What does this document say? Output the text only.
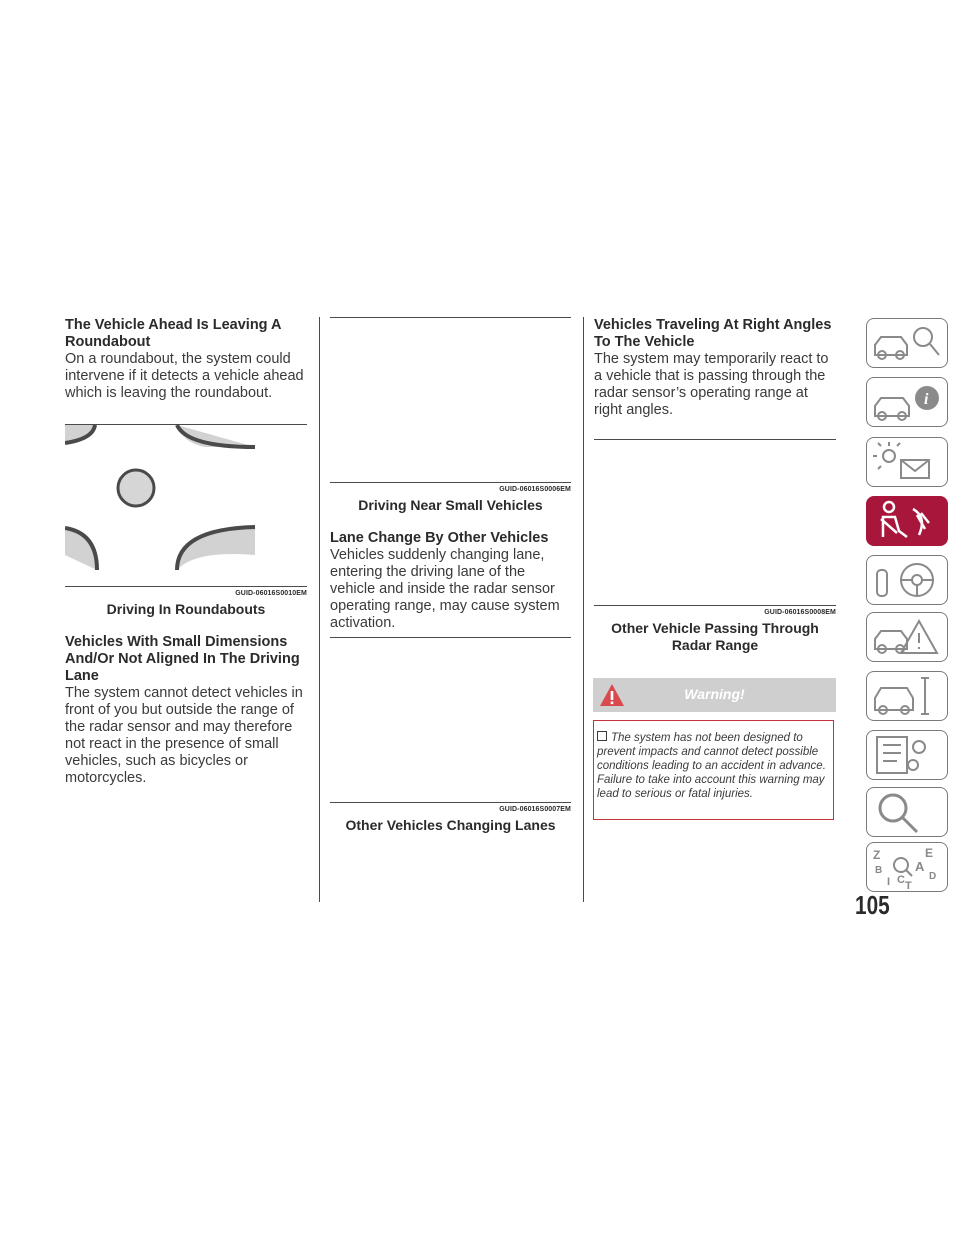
The Vehicle Ahead Is Leaving A Roundabout
On a roundabout, the system could intervene if it detects a vehicle ahead which is leaving the roundabout.
GUID-06016S0010EM
Driving In Roundabouts
Vehicles With Small Dimensions And/Or Not Aligned In The Driving Lane
The system cannot detect vehicles in front of you but outside the range of the radar sensor and may therefore not react in the presence of small vehicles, such as bicycles or motorcycles.
GUID-06016S0006EM
Driving Near Small Vehicles
Lane Change By Other Vehicles
Vehicles suddenly changing lane, entering the driving lane of the vehicle and inside the radar sensor operating range, may cause system activation.
GUID-06016S0007EM
Other Vehicles Changing Lanes
Vehicles Traveling At Right Angles To The Vehicle
The system may temporarily react to a vehicle that is passing through the radar sensor’s operating range at right angles.
GUID-06016S0008EM
Other Vehicle Passing Through Radar Range
Warning!
The system has not been designed to prevent impacts and cannot detect possible conditions leading to an accident in advance. Failure to take into account this warning may lead to serious or fatal injuries.
i
Z	E
A
B
I C T
D
105
